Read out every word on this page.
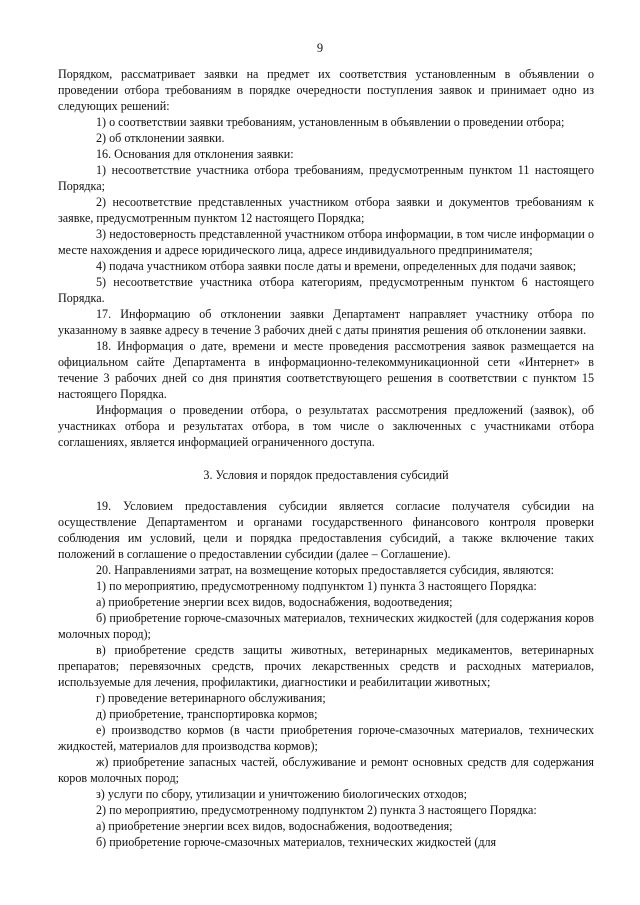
9

Порядком, рассматривает заявки на предмет их соответствия установленным в объявлении о проведении отбора требованиям в порядке очередности поступления заявок и принимает одно из следующих решений:

1) о соответствии заявки требованиям, установленным в объявлении о проведении отбора;

2) об отклонении заявки.

16. Основания для отклонения заявки:

1) несоответствие участника отбора требованиям, предусмотренным пунктом 11 настоящего Порядка;

2) несоответствие представленных участником отбора заявки и документов требованиям к заявке, предусмотренным пунктом 12 настоящего Порядка;

3) недостоверность представленной участником отбора информации, в том числе информации о месте нахождения и адресе юридического лица, адресе индивидуального предпринимателя;

4) подача участником отбора заявки после даты и времени, определенных для подачи заявок;

5) несоответствие участника отбора категориям, предусмотренным пунктом 6 настоящего Порядка.

17. Информацию об отклонении заявки Департамент направляет участнику отбора по указанному в заявке адресу в течение 3 рабочих дней с даты принятия решения об отклонении заявки.

18. Информация о дате, времени и месте проведения рассмотрения заявок размещается на официальном сайте Департамента в информационно-телекоммуникационной сети «Интернет» в течение 3 рабочих дней со дня принятия соответствующего решения в соответствии с пунктом 15 настоящего Порядка.

Информация о проведении отбора, о результатах рассмотрения предложений (заявок), об участниках отбора и результатах отбора, в том числе о заключенных с участниками отбора соглашениях, является информацией ограниченного доступа.

3. Условия и порядок предоставления субсидий

19. Условием предоставления субсидии является согласие получателя субсидии на осуществление Департаментом и органами государственного финансового контроля проверки соблюдения им условий, цели и порядка предоставления субсидий, а также включение таких положений в соглашение о предоставлении субсидии (далее – Соглашение).

20. Направлениями затрат, на возмещение которых предоставляется субсидия, являются:

1) по мероприятию, предусмотренному подпунктом 1) пункта 3 настоящего Порядка:

а) приобретение энергии всех видов, водоснабжения, водоотведения;

б) приобретение горюче-смазочных материалов, технических жидкостей (для содержания коров молочных пород);

в) приобретение средств защиты животных, ветеринарных медикаментов, ветеринарных препаратов; перевязочных средств, прочих лекарственных средств и расходных материалов, используемые для лечения, профилактики, диагностики и реабилитации животных;

г) проведение ветеринарного обслуживания;

д) приобретение, транспортировка кормов;

е) производство кормов (в части приобретения горюче-смазочных материалов, технических жидкостей, материалов для производства кормов);

ж) приобретение запасных частей, обслуживание и ремонт основных средств для содержания коров молочных пород;

з) услуги по сбору, утилизации и уничтожению биологических отходов;

2) по мероприятию, предусмотренному подпунктом 2) пункта 3 настоящего Порядка:

а) приобретение энергии всех видов, водоснабжения, водоотведения;

б) приобретение горюче-смазочных материалов, технических жидкостей (для
